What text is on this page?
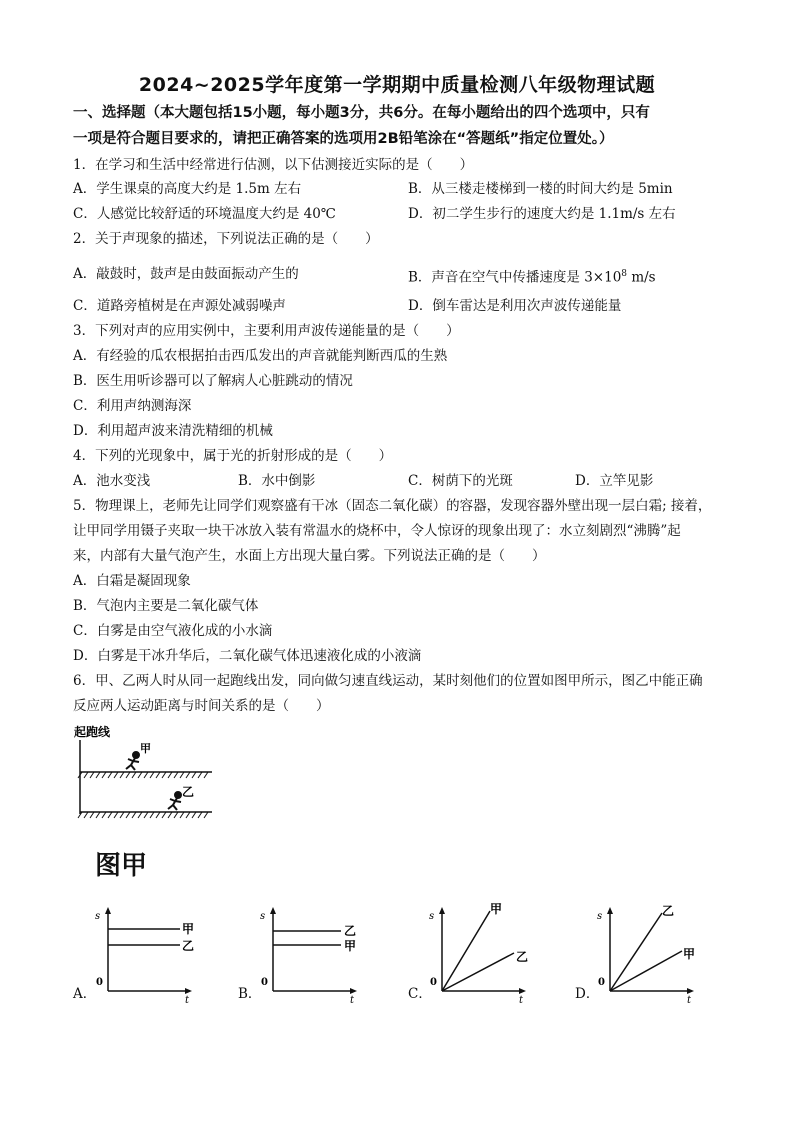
2024~2025学年度第一学期期中质量检测八年级物理试题
一、选择题（本大题包括15小题，每小题3分，共6分。在每小题给出的四个选项中，只有
一项是符合题目要求的，请把正确答案的选项用2B铅笔涂在“答题纸”指定位置处。）
1．在学习和生活中经常进行估测，以下估测接近实际的是（　　）
A．学生课桌的高度大约是 1.5m 左右	B．从三楼走楼梯到一楼的时间大约是 5min
C．人感觉比较舒适的环境温度大约是 40℃	D．初二学生步行的速度大约是 1.1m/s 左右
2．关于声现象的描述，下列说法正确的是（　　）
A．敲鼓时，鼓声是由鼓面振动产生的	B．声音在空气中传播速度是 $3\times 10^8$ m/s
C．道路旁植树是在声源处减弱噪声	D．倒车雷达是利用次声波传递能量
3．下列对声的应用实例中，主要利用声波传递能量的是（　　）
A．有经验的瓜农根据拍击西瓜发出的声音就能判断西瓜的生熟
B．医生用听诊器可以了解病人心脏跳动的情况
C．利用声纳测海深
D．利用超声波来清洗精细的机械
4．下列的光现象中，属于光的折射形成的是（　　）
A．池水变浅	B．水中倒影	C．树荫下的光斑	D．立竿见影
5．物理课上，老师先让同学们观察盛有干冰（固态二氧化碳）的容器，发现容器外壁出现一层白霜; 接着，
让甲同学用镊子夹取一块干冰放入装有常温水的烧杯中，令人惊讶的现象出现了：水立刻剧烈“沸腾”起
来，内部有大量气泡产生，水面上方出现大量白雾。下列说法正确的是（　　）
A．白霜是凝固现象
B．气泡内主要是二氧化碳气体
C．白雾是由空气液化成的小水滴
D．白雾是干冰升华后，二氧化碳气体迅速液化成的小液滴
6．甲、乙两人时从同一起跑线出发，同向做匀速直线运动，某时刻他们的位置如图甲所示，图乙中能正确
反应两人运动距离与时间关系的是（　　）
起跑线
甲
乙
图甲
s
t
0
甲
乙
A．
s
t
0
乙
甲
B．
s
t
0
甲
乙
C．
s
t
0
乙
甲
D．
